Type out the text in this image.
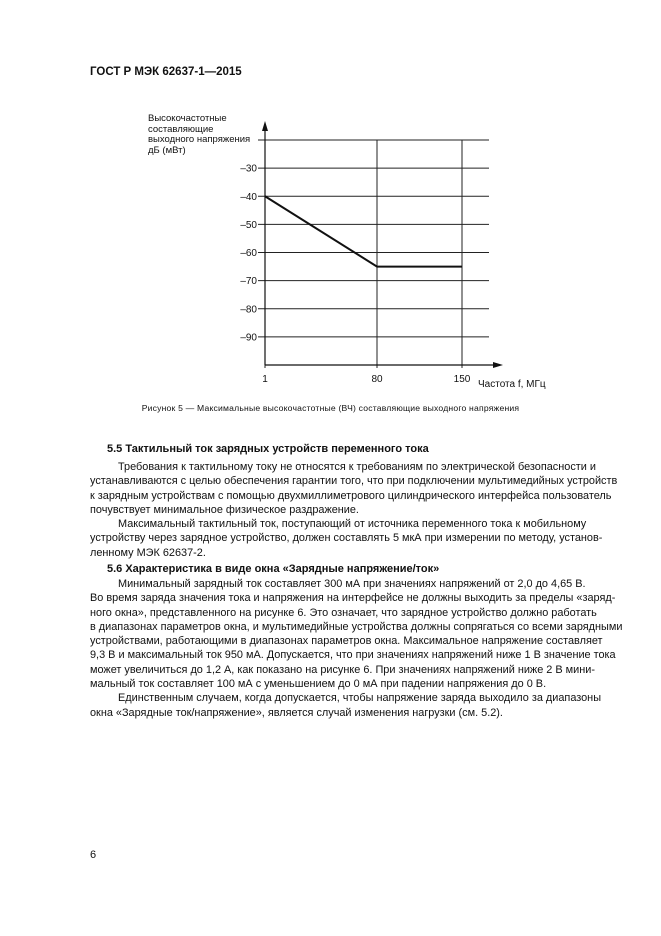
ГОСТ Р МЭК 62637-1—2015
Высокочастотные
составляющие
выходного напряжения
дБ (мВт)
–30
–40
–50
–60
–70
–80
–90
1	80	150 Частота f, МГц
Рисунок 5 — Максимальные высокочастотные (ВЧ) составляющие выходного напряжения
5.5 Тактильный ток зарядных устройств переменного тока
Требования к тактильному току не относятся к требованиям по электрической безопасности и
устанавливаются с целью обеспечения гарантии того, что при подключении мультимедийных устройств
к зарядным устройствам с помощью двухмиллиметрового цилиндрического интерфейса пользователь
почувствует минимальное физическое раздражение.
Максимальный тактильный ток, поступающий от источника переменного тока к мобильному
устройству через зарядное устройство, должен составлять 5 мкА при измерении по методу, установ-
ленному МЭК 62637-2.
5.6 Характеристика в виде окна «Зарядные напряжение/ток»
Минимальный зарядный ток составляет 300 мА при значениях напряжений от 2,0 до 4,65 В.
Во время заряда значения тока и напряжения на интерфейсе не должны выходить за пределы «заряд-
ного окна», представленного на рисунке 6. Это означает, что зарядное устройство должно работать
в диапазонах параметров окна, и мультимедийные устройства должны сопрягаться со всеми зарядными
устройствами, работающими в диапазонах параметров окна. Максимальное напряжение составляет
9,3 В и максимальный ток 950 мА. Допускается, что при значениях напряжений ниже 1 В значение тока
может увеличиться до 1,2 А, как показано на рисунке 6. При значениях напряжений ниже 2 В мини-
мальный ток составляет 100 мА с уменьшением до 0 мА при падении напряжения до 0 В.
Единственным случаем, когда допускается, чтобы напряжение заряда выходило за диапазоны
окна «Зарядные ток/напряжение», является случай изменения нагрузки (см. 5.2).
6
